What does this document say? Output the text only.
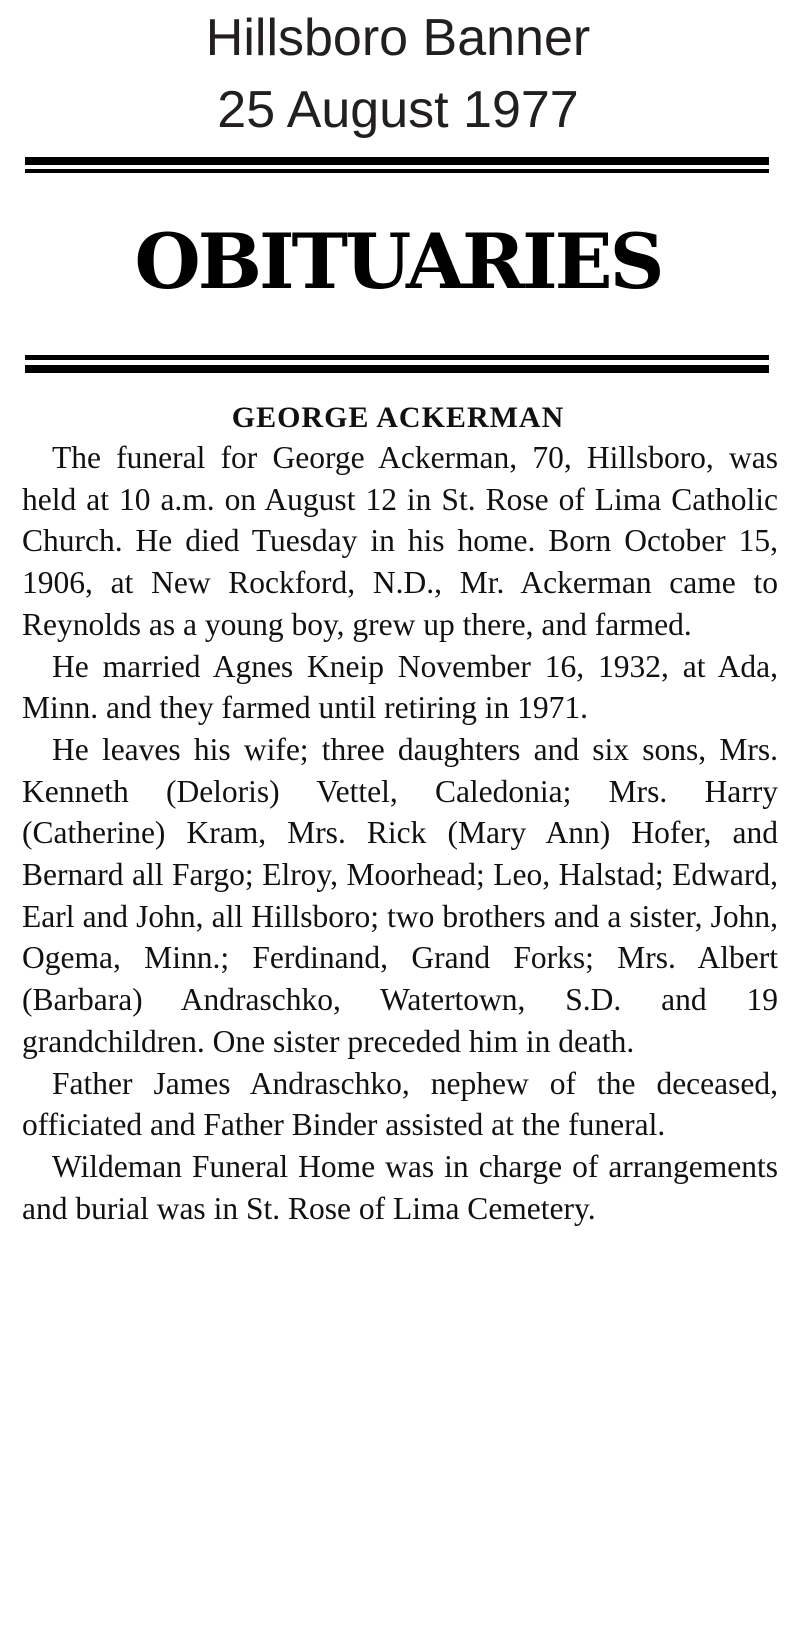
Hillsboro Banner
25 August 1977
OBITUARIES
GEORGE ACKERMAN

The funeral for George Ackerman, 70, Hillsboro, was held at 10 a.m. on August 12 in St. Rose of Lima Catholic Church. He died Tuesday in his home. Born October 15, 1906, at New Rockford, N.D., Mr. Ackerman came to Reynolds as a young boy, grew up there, and farmed.

He married Agnes Kneip November 16, 1932, at Ada, Minn. and they farmed until retiring in 1971.

He leaves his wife; three daughters and six sons, Mrs. Kenneth (Deloris) Vettel, Caledonia; Mrs. Harry (Catherine) Kram, Mrs. Rick (Mary Ann) Hofer, and Bernard all Fargo; Elroy, Moorhead; Leo, Halstad; Edward, Earl and John, all Hillsboro; two brothers and a sister, John, Ogema, Minn.; Ferdinand, Grand Forks; Mrs. Albert (Barbara) Andraschko, Watertown, S.D. and 19 grandchildren. One sister preceded him in death.

Father James Andraschko, nephew of the deceased, officiated and Father Binder assisted at the funeral.

Wildeman Funeral Home was in charge of arrangements and burial was in St. Rose of Lima Cemetery.
